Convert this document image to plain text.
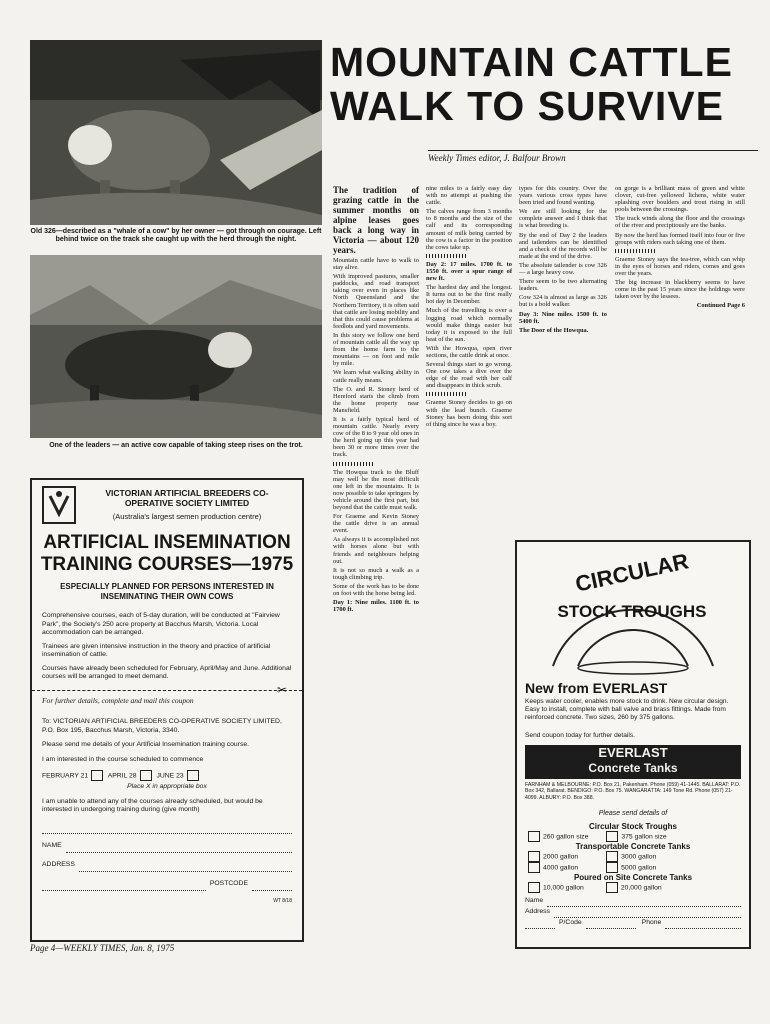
Old 326—described as a "whale of a cow" by her owner — got through on courage. Left behind twice on the track she caught up with the herd through the night.
One of the leaders — an active cow capable of taking steep rises on the trot.
MOUNTAIN CATTLE
WALK TO SURVIVE
Weekly Times editor, J. Balfour Brown

The tradition of grazing cattle in the summer months on alpine leases goes back a long way in Victoria — about 120 years.

Mountain cattle have to walk to stay alive.

With improved pastures, smaller paddocks, and road transport taking over even in places like North Queensland and the Northern Territory, it is often said that cattle are losing mobility and that this could cause problems at feedlots and yard movements.

In this story we follow one herd of mountain cattle all the way up from the home farm to the mountains — on foot and mile by mile.

We learn what walking ability in cattle really means.

The O. and R. Stoney herd of Hereford starts the climb from the home property near Mansfield.

It is a fairly typical herd of mountain cattle. Nearly every cow of the 8 to 9 year old ones in the herd going up this year had been 30 or more times over the track.

The Howqua track to the Bluff may well be the most difficult one left in the mountains. It is now possible to take springers by vehicle around the first part, but beyond that the cattle must walk.

For Graeme and Kevin Stoney the cattle drive is an annual event.

As always it is accomplished not with horses alone but with friends and neighbours helping out.

It is not so much a walk as a tough climbing trip.

Some of the work has to be done on foot with the horse being led.

Day 1: Nine miles. 1100 ft. to 1700 ft.

nine miles to a fairly easy day with no attempt at pushing the cattle.

The calves range from 3 months to 8 months and the size of the calf and its corresponding amount of milk being carried by the cow is a factor in the position the cows take up.

Day 2: 17 miles. 1700 ft. to 1550 ft. over a spur range of new ft.

The hardest day and the longest. It turns out to be the first really hot day in December.

Much of the travelling is over a logging road which normally would make things easier but today it is exposed to the full heat of the sun.

With the Howqua, open river sections, the cattle drink at once.

Several things start to go wrong. One cow takes a dive over the edge of the road with her calf and disappears in thick scrub.

Graeme Stoney decides to go on with the lead bunch. Graeme Stoney has been doing this sort of thing since he was a boy.

types for this country. Over the years various cross types have been tried and found wanting.

We are still looking for the complete answer and I think that is what breeding is.

By the end of Day 2 the leaders and tailenders can be identified and a check of the records will be made at the end of the drive.

The absolute tailender is cow 326 — a large heavy cow.

There seem to be two alternating leaders.

Cow 324 is almost as large as 326 but is a bold walker.

Day 3: Nine miles. 1500 ft. to 5400 ft.

The Door of the Howqua.

on gorge is a brilliant mass of green and white clover, cut-free yellowed lichens, white water splashing over boulders and trout rising in still pools between the crossings.

The track winds along the floor and the crossings of the river and precipitously are the banks.

By now the herd has formed itself into four or five groups with riders each taking one of them.

Graeme Stoney says the tea-tree, which can whip in the eyes of horses and riders, comes and goes over the years.

The big increase in blackberry seems to have come in the past 15 years since the holdings were taken over by the lessees.

Continued Page 6

VICTORIAN ARTIFICIAL BREEDERS CO-OPERATIVE SOCIETY LIMITED
(Australia's largest semen production centre)
ARTIFICIAL INSEMINATION
TRAINING COURSES—1975
ESPECIALLY PLANNED FOR PERSONS INTERESTED IN INSEMINATING THEIR OWN COWS

Comprehensive courses, each of 5-day duration, will be conducted at "Fairview Park", the Society's 250 acre property at Bacchus Marsh, Victoria. Local accommodation can be arranged.

Trainees are given intensive instruction in the theory and practice of artificial insemination of cattle.

Courses have already been scheduled for February, April/May and June. Additional courses will be arranged to meet demand.

✂
For further details, complete and mail this coupon
To: VICTORIAN ARTIFICIAL BREEDERS CO-OPERATIVE SOCIETY LIMITED,
P.O. Box 195, Bacchus Marsh, Victoria, 3340.
Please send me details of your Artificial Insemination training course.
I am interested in the course scheduled to commence
FEBRUARY 21	APRIL 28	JUNE 23
Place X in appropriate box
I am unable to attend any of the courses already scheduled, but would be interested in undergoing training during (give month)
NAME
ADDRESS
POSTCODE
WT 8/18
CIRCULAR
STOCK TROUGHS
New from EVERLAST
Keeps water cooler, enables more stock to drink. New circular design. Easy to install, complete with ball valve and brass fittings. Made from reinforced concrete. Two sizes, 260 by 375 gallons.
Send coupon today for further details.
EVERLAST
Concrete Tanks
FARNHAM & MELBOURNE: P.O. Box 21, Pakenham. Phone (059) 41-1445. BALLARAT: P.O. Box 342, Ballarat. BENDIGO: P.O. Box 75. WANGARATTA: 149 Tone Rd. Phone (057) 21-4099. ALBURY: P.O. Box 388.
Please send details of
Circular Stock Troughs
260 gallon size	375 gallon size
Transportable Concrete Tanks
2000 gallon	3000 gallon
4000 gallon	5000 gallon
Poured on Site Concrete Tanks
10,000 gallon	20,000 gallon
Name
Address
P/Code	Phone
Page 4—WEEKLY TIMES, Jan. 8, 1975
